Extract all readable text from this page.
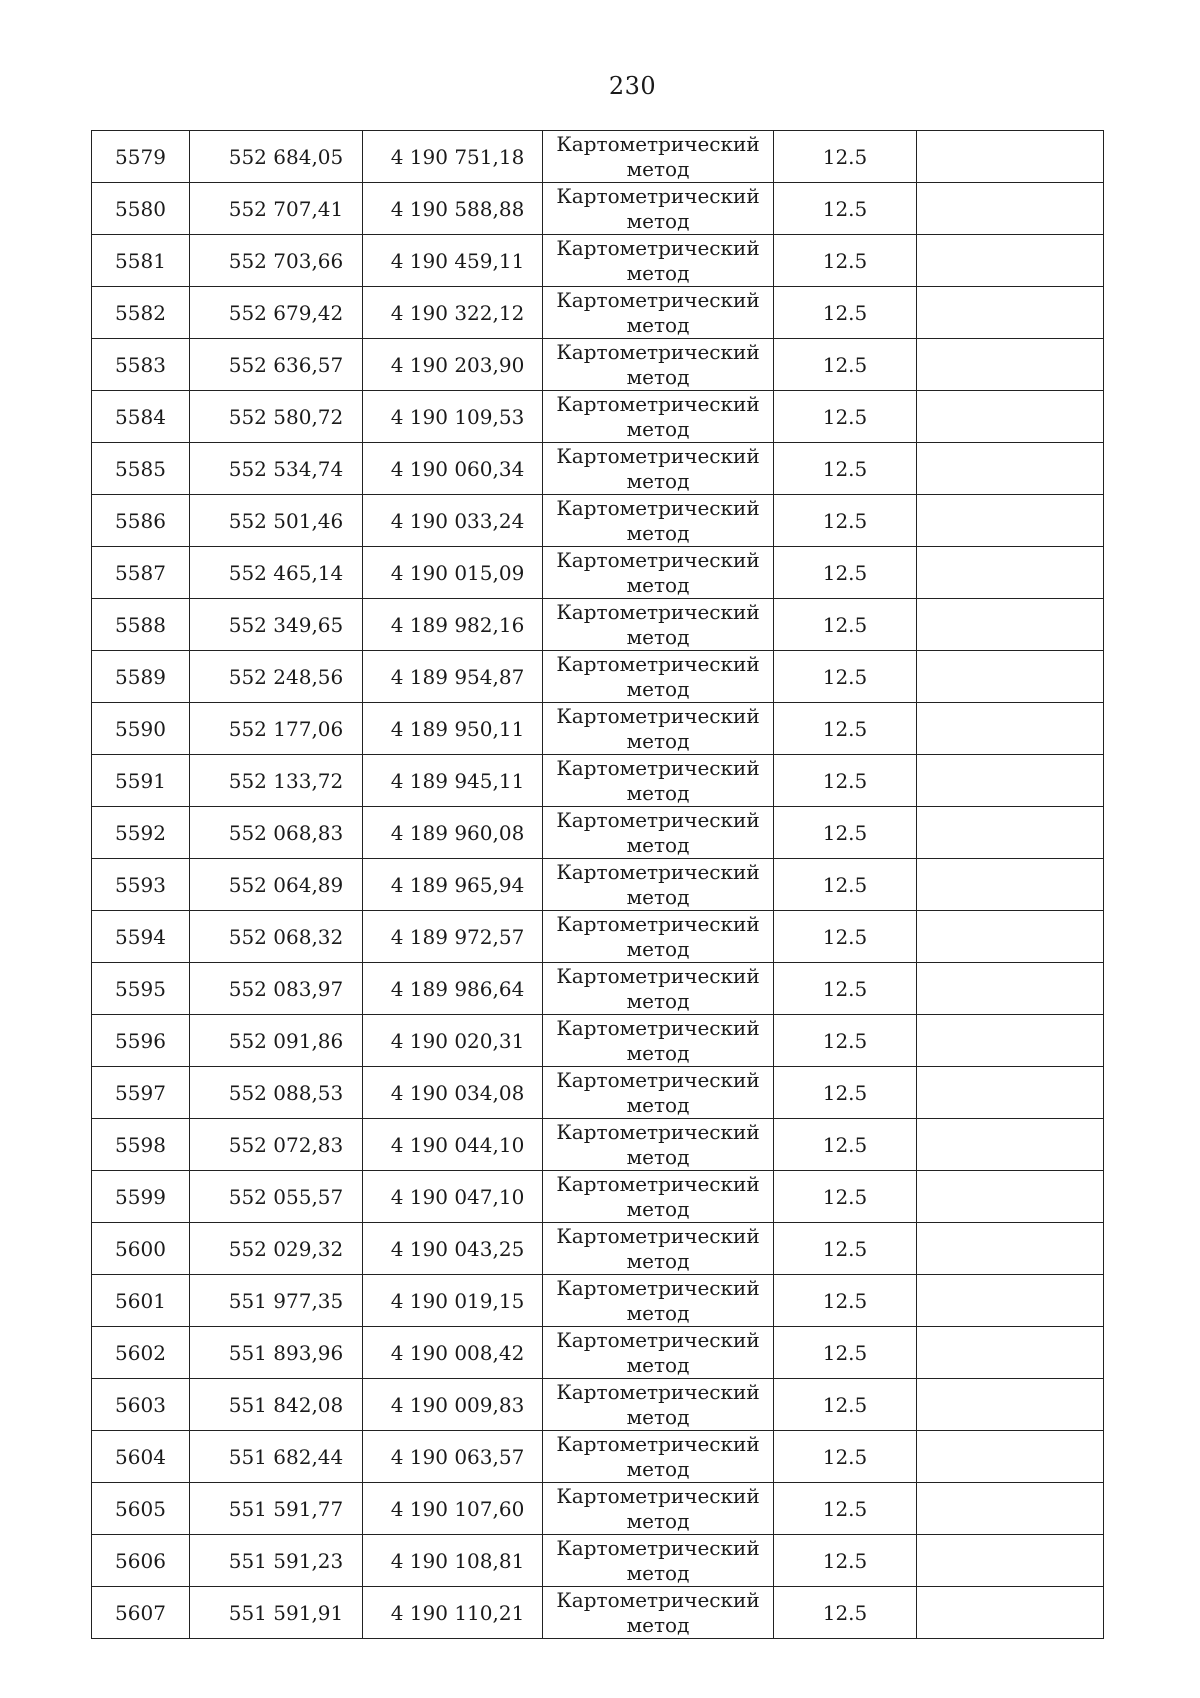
230
5579	552 684,05	4 190 751,18	Картометрический
метод	12.5	

5580	552 707,41	4 190 588,88	Картометрический
метод	12.5	

5581	552 703,66	4 190 459,11	Картометрический
метод	12.5	

5582	552 679,42	4 190 322,12	Картометрический
метод	12.5	

5583	552 636,57	4 190 203,90	Картометрический
метод	12.5	

5584	552 580,72	4 190 109,53	Картометрический
метод	12.5	

5585	552 534,74	4 190 060,34	Картометрический
метод	12.5	

5586	552 501,46	4 190 033,24	Картометрический
метод	12.5	

5587	552 465,14	4 190 015,09	Картометрический
метод	12.5	

5588	552 349,65	4 189 982,16	Картометрический
метод	12.5	

5589	552 248,56	4 189 954,87	Картометрический
метод	12.5	

5590	552 177,06	4 189 950,11	Картометрический
метод	12.5	

5591	552 133,72	4 189 945,11	Картометрический
метод	12.5	

5592	552 068,83	4 189 960,08	Картометрический
метод	12.5	

5593	552 064,89	4 189 965,94	Картометрический
метод	12.5	

5594	552 068,32	4 189 972,57	Картометрический
метод	12.5	

5595	552 083,97	4 189 986,64	Картометрический
метод	12.5	

5596	552 091,86	4 190 020,31	Картометрический
метод	12.5	

5597	552 088,53	4 190 034,08	Картометрический
метод	12.5	

5598	552 072,83	4 190 044,10	Картометрический
метод	12.5	

5599	552 055,57	4 190 047,10	Картометрический
метод	12.5	

5600	552 029,32	4 190 043,25	Картометрический
метод	12.5	

5601	551 977,35	4 190 019,15	Картометрический
метод	12.5	

5602	551 893,96	4 190 008,42	Картометрический
метод	12.5	

5603	551 842,08	4 190 009,83	Картометрический
метод	12.5	

5604	551 682,44	4 190 063,57	Картометрический
метод	12.5	

5605	551 591,77	4 190 107,60	Картометрический
метод	12.5	

5606	551 591,23	4 190 108,81	Картометрический
метод	12.5	

5607	551 591,91	4 190 110,21	Картометрический
метод	12.5	
